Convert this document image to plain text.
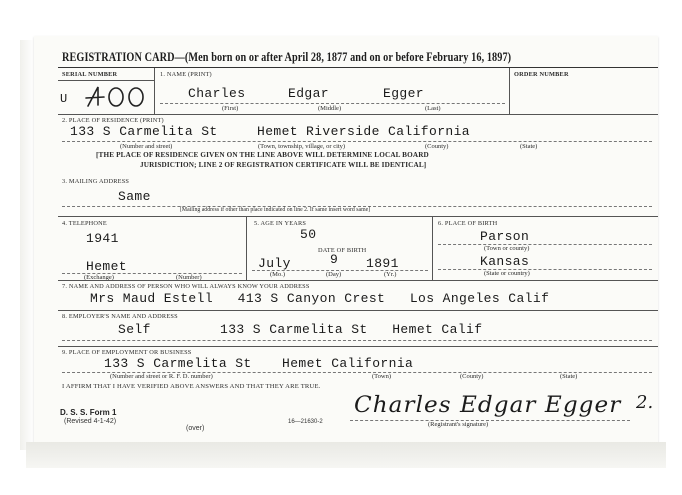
REGISTRATION CARD—(Men born on or after April 28, 1877 and on or before February 16, 1897)
SERIAL NUMBER
U
1. NAME (PRINT)
Charles	Edgar	Egger
(First)	(Middle)	(Last)
ORDER NUMBER
2. PLACE OF RESIDENCE (PRINT)
133 S Carmelita St	Hemet Riverside California
(Number and street)	(Town, township, village, or city)	(County)	(State)
[THE PLACE OF RESIDENCE GIVEN ON THE LINE ABOVE WILL DETERMINE LOCAL BOARD
JURISDICTION; LINE 2 OF REGISTRATION CERTIFICATE WILL BE IDENTICAL]
3. MAILING ADDRESS
Same
[Mailing address if other than place indicated on line 2. If same insert word same]
4. TELEPHONE
1941
Hemet
(Exchange)	(Number)
5. AGE IN YEARS
50
DATE OF BIRTH
July	9 1891
(Mo.)	(Day)	(Yr.)
6. PLACE OF BIRTH
Parson
(Town or county)
Kansas
(State or country)
7. NAME AND ADDRESS OF PERSON WHO WILL ALWAYS KNOW YOUR ADDRESS
Mrs Maud Estell   413 S Canyon Crest   Los Angeles Calif
8. EMPLOYER'S NAME AND ADDRESS
Self	133 S Carmelita St   Hemet Calif
9. PLACE OF EMPLOYMENT OR BUSINESS
133 S Carmelita St Hemet California
(Number and street or R. F. D. number)	(Town)	(County)	(State)
I AFFIRM THAT I HAVE VERIFIED ABOVE ANSWERS AND THAT THEY ARE TRUE.
D. S. S. Form 1
(Revised 4-1-42)
(over)
16—21630-2
Charles Edgar Egger 2.
(Registrant's signature)
